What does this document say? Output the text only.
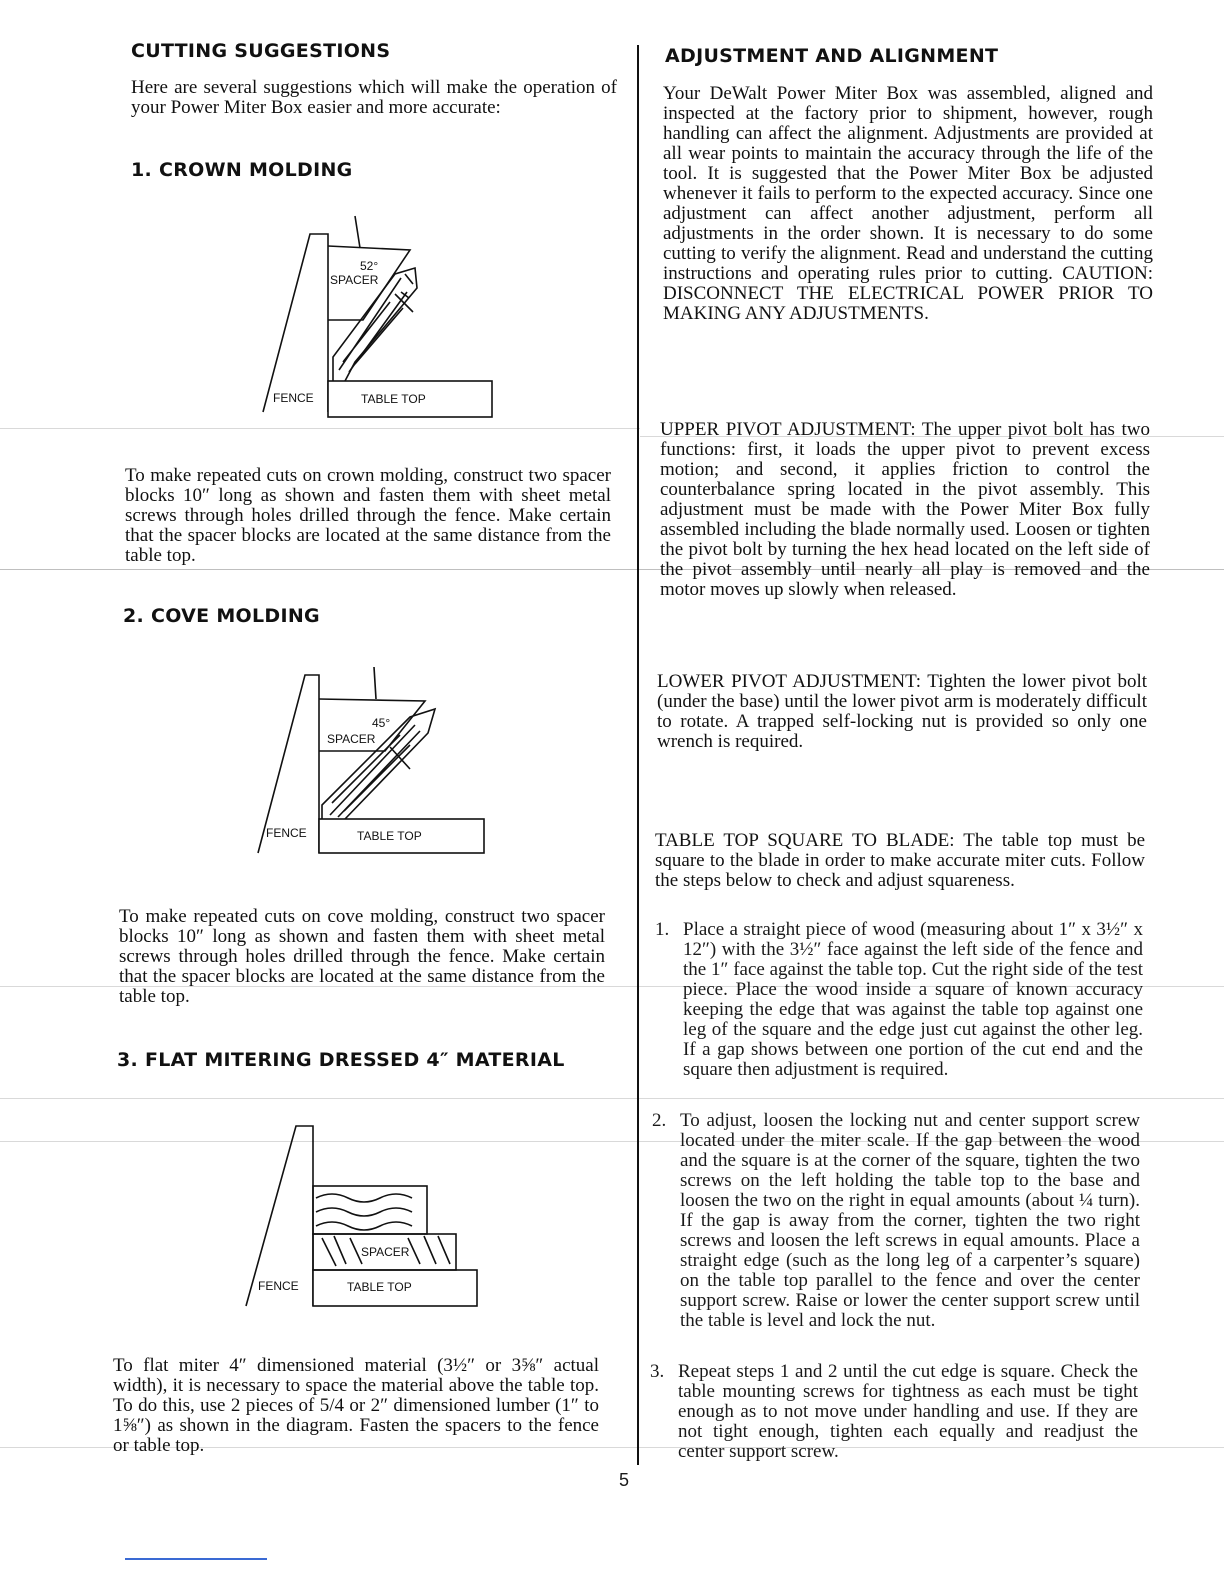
CUTTING SUGGESTIONS

Here are several suggestions which will make the operation of your Power Miter Box easier and more accurate:

1. CROWN MOLDING
52°
SPACER
FENCE	TABLE TOP

To make repeated cuts on crown molding, construct two spacer blocks 10″ long as shown and fasten them with sheet metal screws through holes drilled through the fence. Make certain that the spacer blocks are located at the same distance from the table top.

2. COVE MOLDING
45°
SPACER
FENCE	TABLE TOP

To make repeated cuts on cove molding, construct two spacer blocks 10″ long as shown and fasten them with sheet metal screws through holes drilled through the fence. Make certain that the spacer blocks are located at the same distance from the table top.

3. FLAT MITERING DRESSED 4″ MATERIAL
SPACER
FENCE	TABLE TOP

To flat miter 4″ dimensioned material (3½″ or 3⅝″ actual width), it is necessary to space the material above the table top. To do this, use 2 pieces of 5/4 or 2″ dimensioned lumber (1″ to 1⅝″) as shown in the diagram. Fasten the spacers to the fence or table top.

ADJUSTMENT AND ALIGNMENT

Your DeWalt Power Miter Box was assembled, aligned and inspected at the factory prior to shipment, however, rough handling can affect the alignment. Adjustments are provided at all wear points to maintain the accuracy through the life of the tool. It is suggested that the Power Miter Box be adjusted whenever it fails to perform to the expected accuracy. Since one adjustment can affect another adjustment, perform all adjustments in the order shown. It is necessary to do some cutting to verify the alignment. Read and understand the cutting instructions and operating rules prior to cutting. CAUTION: DISCONNECT THE ELECTRICAL POWER PRIOR TO MAKING ANY ADJUSTMENTS.

UPPER PIVOT ADJUSTMENT: The upper pivot bolt has two functions: first, it loads the upper pivot to prevent excess motion; and second, it applies friction to control the counterbalance spring located in the pivot assembly. This adjustment must be made with the Power Miter Box fully assembled including the blade normally used. Loosen or tighten the pivot bolt by turning the hex head located on the left side of the pivot assembly until nearly all play is removed and the motor moves up slowly when released.

LOWER PIVOT ADJUSTMENT: Tighten the lower pivot bolt (under the base) until the lower pivot arm is moderately difficult to rotate. A trapped self-locking nut is provided so only one wrench is required.

TABLE TOP SQUARE TO BLADE: The table top must be square to the blade in order to make accurate miter cuts. Follow the steps below to check and adjust squareness.

1. Place a straight piece of wood (measuring about 1″ x 3½″ x 12″) with the 3½″ face against the left side of the fence and the 1″ face against the table top. Cut the right side of the test piece. Place the wood inside a square of known accuracy keeping the edge that was against the table top against one leg of the square and the edge just cut against the other leg. If a gap shows between one portion of the cut end and the square then adjustment is required.

2. To adjust, loosen the locking nut and center support screw located under the miter scale. If the gap between the wood and the square is at the corner of the square, tighten the two screws on the left holding the table top to the base and loosen the two on the right in equal amounts (about ¼ turn). If the gap is away from the corner, tighten the two right screws and loosen the left screws in equal amounts. Place a straight edge (such as the long leg of a carpenter’s square) on the table top parallel to the fence and over the center support screw. Raise or lower the center support screw until the table is level and lock the nut.

3. Repeat steps 1 and 2 until the cut edge is square. Check the table mounting screws for tightness as each must be tight enough as to not move under handling and use. If they are not tight enough, tighten each equally and readjust the center support screw.

5
